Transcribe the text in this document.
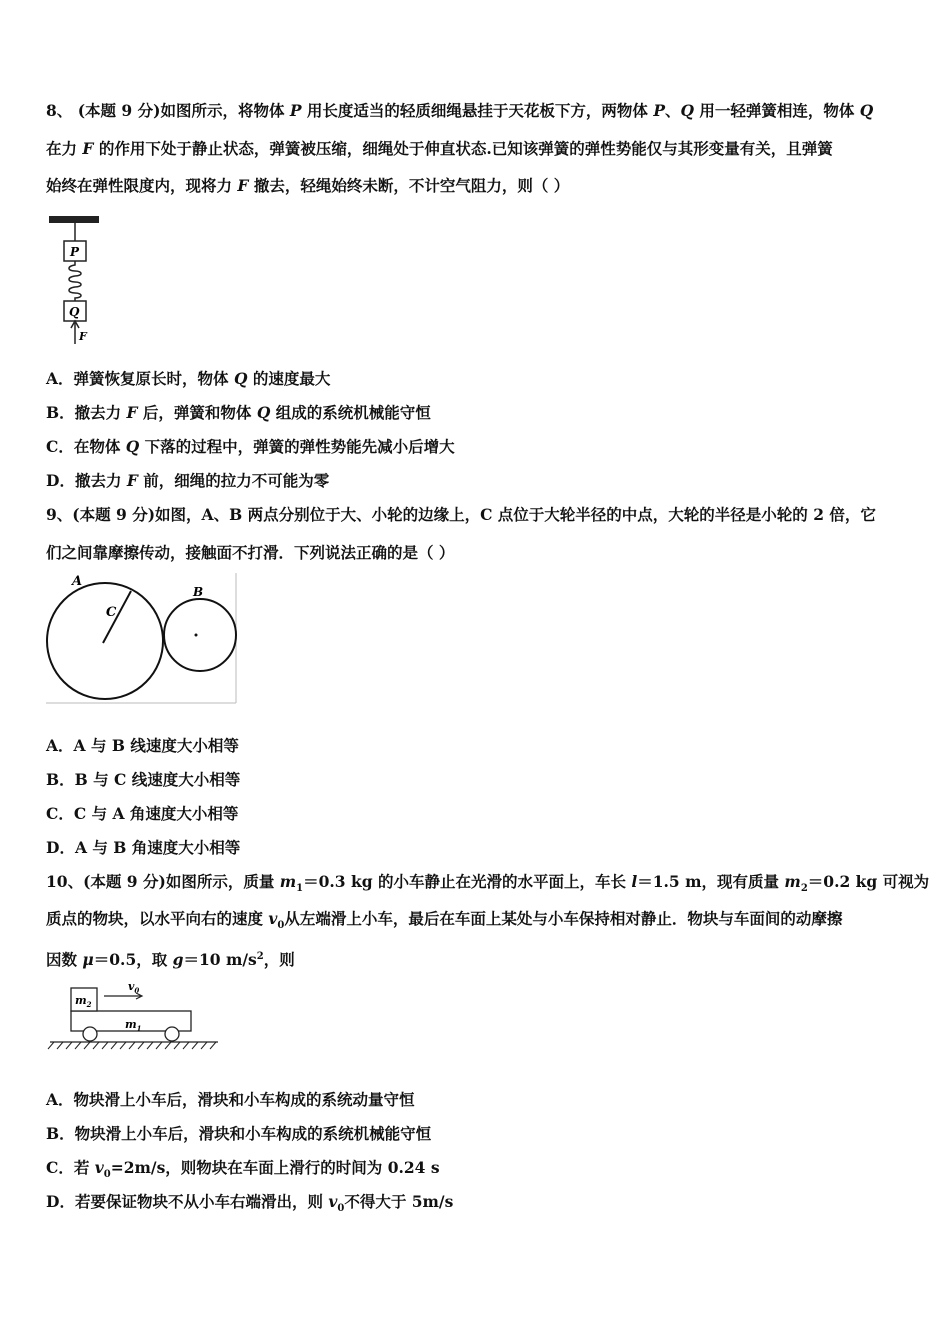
8、 (本题 9 分)如图所示，将物体 P 用长度适当的轻质细绳悬挂于天花板下方，两物体 P、Q 用一轻弹簧相连，物体 Q
在力 F 的作用下处于静止状态，弹簧被压缩，细绳处于伸直状态.已知该弹簧的弹性势能仅与其形变量有关，且弹簧
始终在弹性限度内，现将力 F 撤去，轻绳始终未断，不计空气阻力，则（ ）
P
Q
F
A．弹簧恢复原长时，物体 Q 的速度最大
B．撤去力 F 后，弹簧和物体 Q 组成的系统机械能守恒
C．在物体 Q 下落的过程中，弹簧的弹性势能先减小后增大
D．撤去力 F 前，细绳的拉力不可能为零
9、(本题 9 分)如图，A、B 两点分别位于大、小轮的边缘上，C 点位于大轮半径的中点，大轮的半径是小轮的 2 倍，它
们之间靠摩擦传动，接触面不打滑．下列说法正确的是（ ）
A
B
C
A．A 与 B 线速度大小相等
B．B 与 C 线速度大小相等
C．C 与 A 角速度大小相等
D．A 与 B 角速度大小相等
10、(本题 9 分)如图所示，质量 $m_1=0.3$ kg 的小车静止在光滑的水平面上，车长 l＝1.5 m，现有质量 $m_2=0.2$ kg 可视为
质点的物块，以水平向右的速度 $v_0$从左端滑上小车，最后在车面上某处与小车保持相对静止．物块与车面间的动摩擦
因数 μ＝0.5，取 g＝10 $m/s^2$，则
$m_2$
$m_1$
$v_0$
A．物块滑上小车后，滑块和小车构成的系统动量守恒
B．物块滑上小车后，滑块和小车构成的系统机械能守恒
C．若 $v_0=2m/s$，则物块在车面上滑行的时间为 0.24 s
D．若要保证物块不从小车右端滑出，则 $v_0$不得大于 5m/s
